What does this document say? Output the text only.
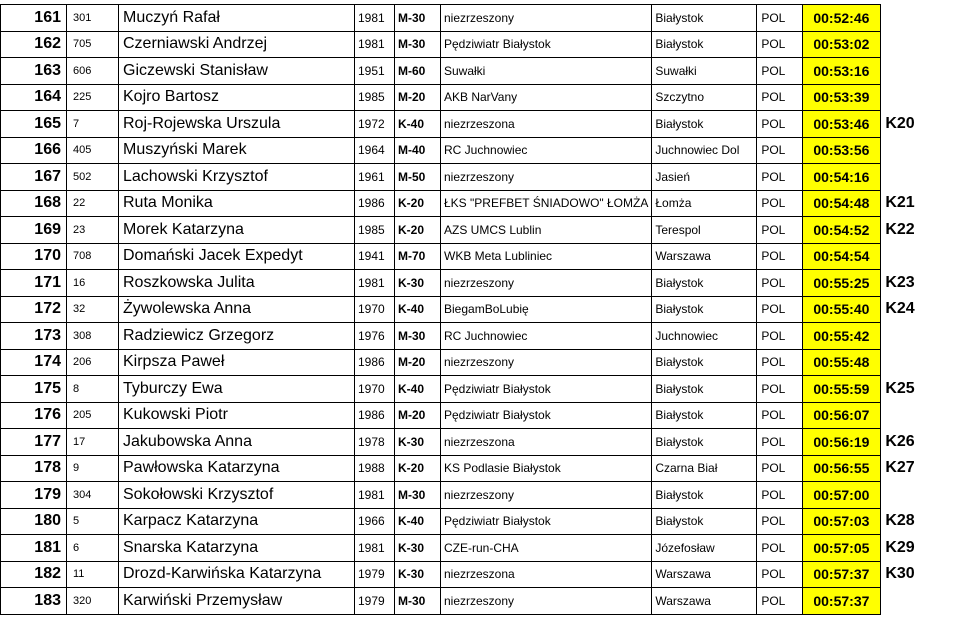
161	301	Muczyń Rafał	1981	M-30	niezrzeszony	Białystok	POL	00:52:46	
162	705	Czerniawski Andrzej	1981	M-30	Pędziwiatr Białystok	Białystok	POL	00:53:02	
163	606	Giczewski Stanisław	1951	M-60	Suwałki	Suwałki	POL	00:53:16	
164	225	Kojro Bartosz	1985	M-20	AKB NarVany	Szczytno	POL	00:53:39	
165	7	Roj-Rojewska Urszula	1972	K-40	niezrzeszona	Białystok	POL	00:53:46	K20
166	405	Muszyński Marek	1964	M-40	RC Juchnowiec	Juchnowiec Dol	POL	00:53:56	
167	502	Lachowski Krzysztof	1961	M-50	niezrzeszony	Jasień	POL	00:54:16	
168	22	Ruta Monika	1986	K-20	ŁKS "PREFBET ŚNIADOWO" ŁOMŻA	Łomża	POL	00:54:48	K21
169	23	Morek Katarzyna	1985	K-20	AZS UMCS Lublin	Terespol	POL	00:54:52	K22
170	708	Domański Jacek Expedyt	1941	M-70	WKB Meta Lubliniec	Warszawa	POL	00:54:54	
171	16	Roszkowska Julita	1981	K-30	niezrzeszony	Białystok	POL	00:55:25	K23
172	32	Żywolewska Anna	1970	K-40	BiegamBoLubię	Białystok	POL	00:55:40	K24
173	308	Radziewicz Grzegorz	1976	M-30	RC Juchnowiec	Juchnowiec	POL	00:55:42	
174	206	Kirpsza Paweł	1986	M-20	niezrzeszony	Białystok	POL	00:55:48	
175	8	Tyburczy Ewa	1970	K-40	Pędziwiatr Białystok	Białystok	POL	00:55:59	K25
176	205	Kukowski Piotr	1986	M-20	Pędziwiatr Białystok	Białystok	POL	00:56:07	
177	17	Jakubowska Anna	1978	K-30	niezrzeszona	Białystok	POL	00:56:19	K26
178	9	Pawłowska Katarzyna	1988	K-20	KS Podlasie Białystok	Czarna Biał	POL	00:56:55	K27
179	304	Sokołowski Krzysztof	1981	M-30	niezrzeszony	Białystok	POL	00:57:00	
180	5	Karpacz Katarzyna	1966	K-40	Pędziwiatr Białystok	Białystok	POL	00:57:03	K28
181	6	Snarska Katarzyna	1981	K-30	CZE-run-CHA	Józefosław	POL	00:57:05	K29
182	11	Drozd-Karwińska Katarzyna	1979	K-30	niezrzeszona	Warszawa	POL	00:57:37	K30
183	320	Karwiński Przemysław	1979	M-30	niezrzeszony	Warszawa	POL	00:57:37	
